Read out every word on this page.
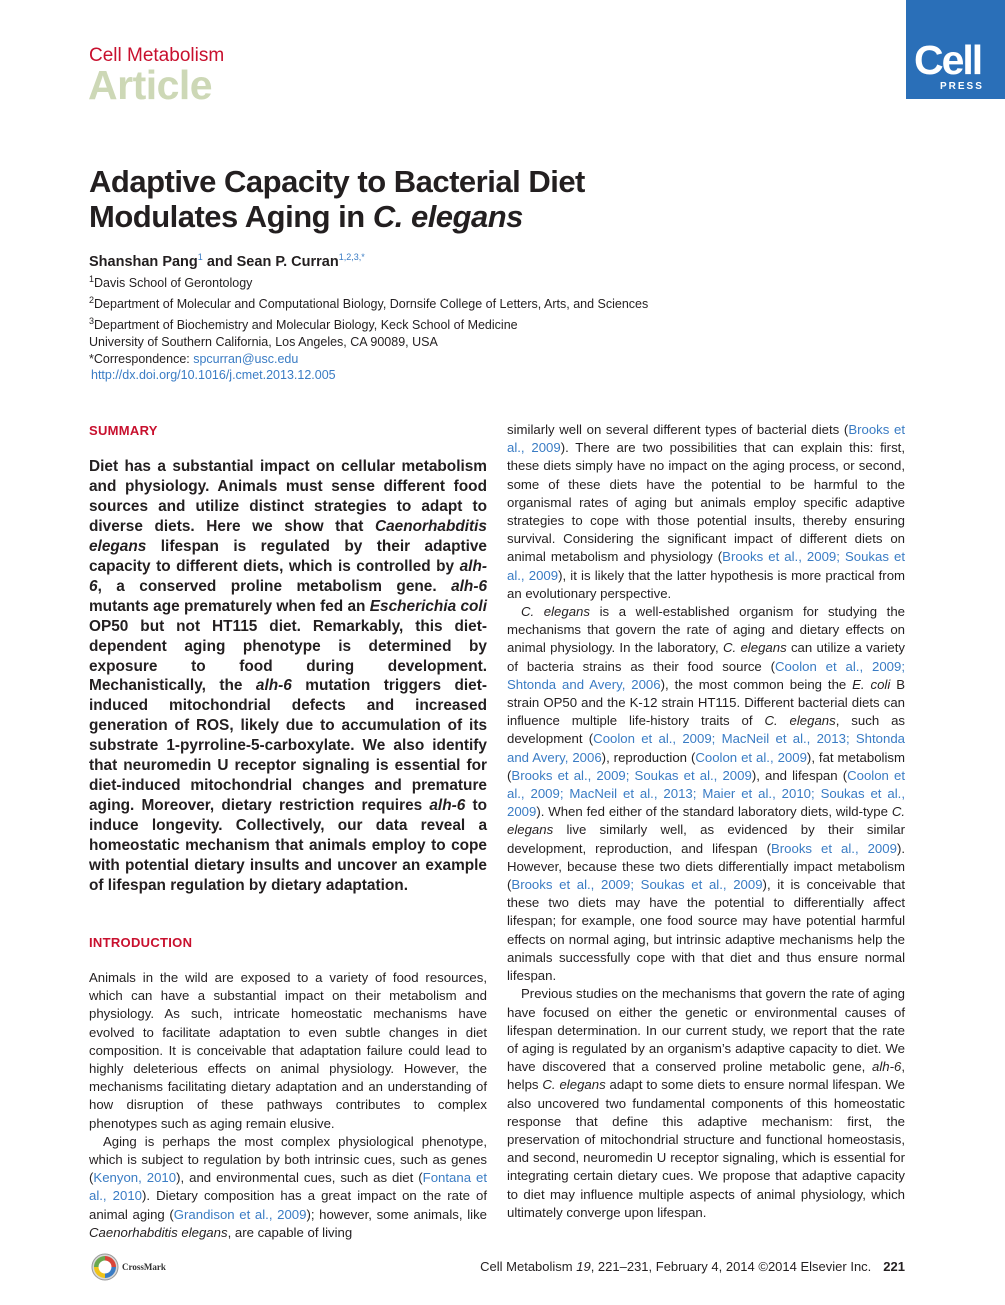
Cell Metabolism
Article
Cell
PRESS
Adaptive Capacity to Bacterial Diet
Modulates Aging in C. elegans
Shanshan Pang$^1$ and Sean P. Curran$^{1,2,3,*}$
$^1$Davis School of Gerontology
$^2$Department of Molecular and Computational Biology, Dornsife College of Letters, Arts, and Sciences
$^3$Department of Biochemistry and Molecular Biology, Keck School of Medicine
University of Southern California, Los Angeles, CA 90089, USA
*Correspondence: spcurran@usc.edu
http://dx.doi.org/10.1016/j.cmet.2013.12.005
SUMMARY
Diet has a substantial impact on cellular metabolism and physiology. Animals must sense different food sources and utilize distinct strategies to adapt to diverse diets. Here we show that Caenorhabditis elegans lifespan is regulated by their adaptive capacity to different diets, which is controlled by alh-6, a conserved proline metabolism gene. alh-6 mutants age prematurely when fed an Escherichia coli OP50 but not HT115 diet. Remarkably, this diet-dependent aging phenotype is determined by exposure to food during development. Mechanistically, the alh-6 mutation triggers diet-induced mitochondrial defects and increased generation of ROS, likely due to accumulation of its substrate 1-pyrroline-5-carboxylate. We also identify that neuromedin U receptor signaling is essential for diet-induced mitochondrial changes and premature aging. Moreover, dietary restriction requires alh-6 to induce longevity. Collectively, our data reveal a homeostatic mechanism that animals employ to cope with potential dietary insults and uncover an example of lifespan regulation by dietary adaptation.
INTRODUCTION

Animals in the wild are exposed to a variety of food resources, which can have a substantial impact on their metabolism and physiology. As such, intricate homeostatic mechanisms have evolved to facilitate adaptation to even subtle changes in diet composition. It is conceivable that adaptation failure could lead to highly deleterious effects on animal physiology. However, the mechanisms facilitating dietary adaptation and an understanding of how disruption of these pathways contributes to complex phenotypes such as aging remain elusive.

Aging is perhaps the most complex physiological phenotype, which is subject to regulation by both intrinsic cues, such as genes (Kenyon, 2010), and environmental cues, such as diet (Fontana et al., 2010). Dietary composition has a great impact on the rate of animal aging (Grandison et al., 2009); however, some animals, like Caenorhabditis elegans, are capable of living

similarly well on several different types of bacterial diets (Brooks et al., 2009). There are two possibilities that can explain this: first, these diets simply have no impact on the aging process, or second, some of these diets have the potential to be harmful to the organismal rates of aging but animals employ specific adaptive strategies to cope with those potential insults, thereby ensuring survival. Considering the significant impact of different diets on animal metabolism and physiology (Brooks et al., 2009; Soukas et al., 2009), it is likely that the latter hypothesis is more practical from an evolutionary perspective.

C. elegans is a well-established organism for studying the mechanisms that govern the rate of aging and dietary effects on animal physiology. In the laboratory, C. elegans can utilize a variety of bacteria strains as their food source (Coolon et al., 2009; Shtonda and Avery, 2006), the most common being the E. coli B strain OP50 and the K-12 strain HT115. Different bacterial diets can influence multiple life-history traits of C. elegans, such as development (Coolon et al., 2009; MacNeil et al., 2013; Shtonda and Avery, 2006), reproduction (Coolon et al., 2009), fat metabolism (Brooks et al., 2009; Soukas et al., 2009), and lifespan (Coolon et al., 2009; MacNeil et al., 2013; Maier et al., 2010; Soukas et al., 2009). When fed either of the standard laboratory diets, wild-type C. elegans live similarly well, as evidenced by their similar development, reproduction, and lifespan (Brooks et al., 2009). However, because these two diets differentially impact metabolism (Brooks et al., 2009; Soukas et al., 2009), it is conceivable that these two diets may have the potential to differentially affect lifespan; for example, one food source may have potential harmful effects on normal aging, but intrinsic adaptive mechanisms help the animals successfully cope with that diet and thus ensure normal lifespan.

Previous studies on the mechanisms that govern the rate of aging have focused on either the genetic or environmental causes of lifespan determination. In our current study, we report that the rate of aging is regulated by an organism’s adaptive capacity to diet. We have discovered that a conserved proline metabolic gene, alh-6, helps C. elegans adapt to some diets to ensure normal lifespan. We also uncovered two fundamental components of this homeostatic response that define this adaptive mechanism: first, the preservation of mitochondrial structure and functional homeostasis, and second, neuromedin U receptor signaling, which is essential for integrating certain dietary cues. We propose that adaptive capacity to diet may influence multiple aspects of animal physiology, which ultimately converge upon lifespan.

CrossMark	Cell Metabolism 19, 221–231, February 4, 2014 ©2014 Elsevier Inc. 221
